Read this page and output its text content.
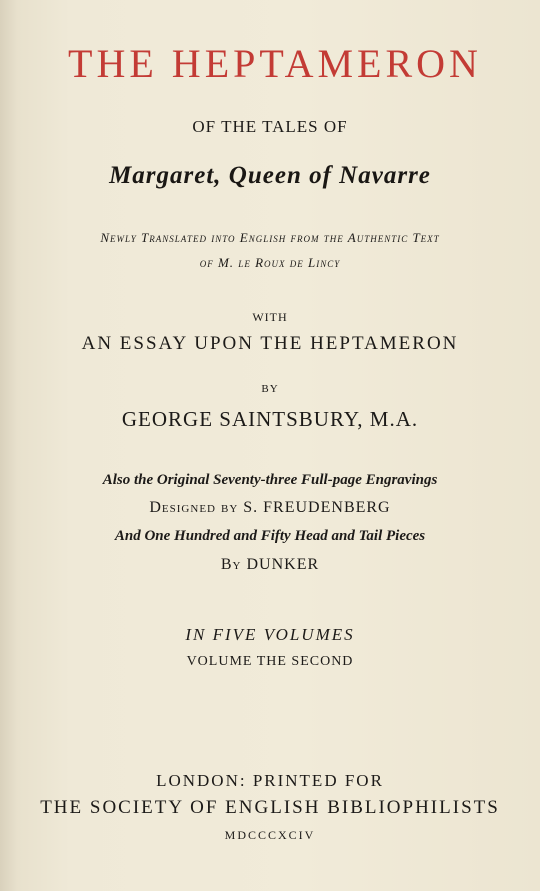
THE HEPTAMERON
OF THE TALES OF
Margaret, Queen of Navarre
Newly Translated into English from the Authentic Text
of M. le Roux de Lincy
WITH
AN ESSAY UPON THE HEPTAMERON
BY
GEORGE SAINTSBURY, M.A.
Also the Original Seventy-three Full-page Engravings
Designed by S. FREUDENBERG
And One Hundred and Fifty Head and Tail Pieces
By DUNKER
IN FIVE VOLUMES
VOLUME THE SECOND
LONDON: PRINTED FOR
THE SOCIETY OF ENGLISH BIBLIOPHILISTS
MDCCCXCIV
